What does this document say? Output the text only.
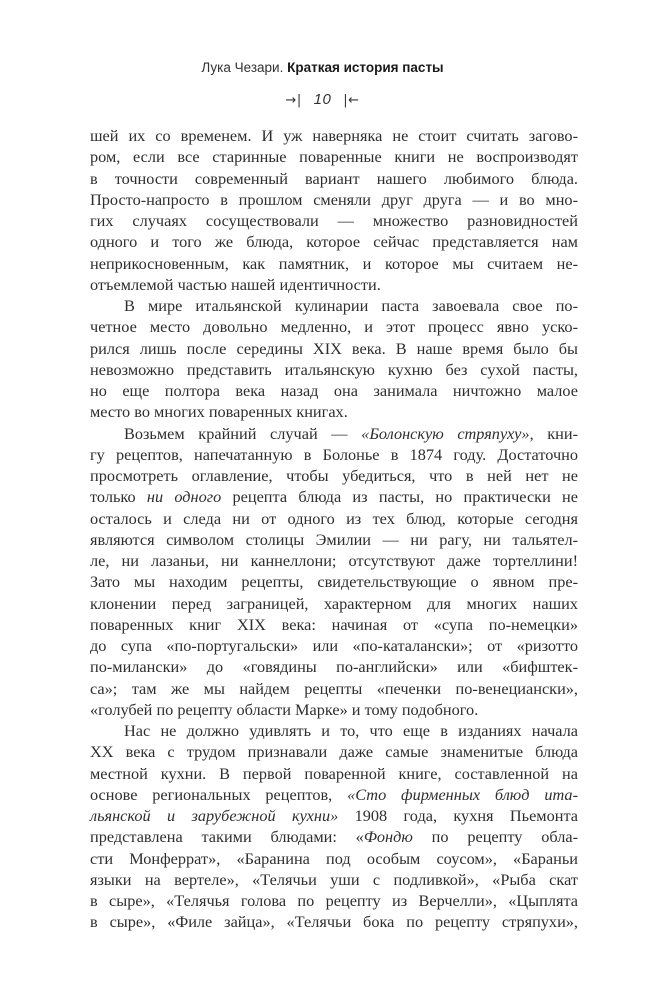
Лука Чезари. Краткая история пасты
→| 10 |←

шей их со временем. И уж наверняка не стоит считать загово-
ром, если все старинные поваренные книги не воспроизводят
в точности современный вариант нашего любимого блюда.
Просто-напросто в прошлом сменяли друг друга — и во мно-
гих случаях сосуществовали — множество разновидностей
одного и того же блюда, которое сейчас представляется нам
неприкосновенным, как памятник, и которое мы считаем не-
отъемлемой частью нашей идентичности.

В мире итальянской кулинарии паста завоевала свое по-
четное место довольно медленно, и этот процесс явно уско-
рился лишь после середины XIX века. В наше время было бы
невозможно представить итальянскую кухню без сухой пасты,
но еще полтора века назад она занимала ничтожно малое
место во многих поваренных книгах.

Возьмем крайний случай — «Болонскую стряпуху», кни-
гу рецептов, напечатанную в Болонье в 1874 году. Достаточно
просмотреть оглавление, чтобы убедиться, что в ней нет не
только ни одного рецепта блюда из пасты, но практически не
осталось и следа ни от одного из тех блюд, которые сегодня
являются символом столицы Эмилии — ни рагу, ни тальятел-
ле, ни лазаньи, ни каннеллони; отсутствуют даже тортеллини!
Зато мы находим рецепты, свидетельствующие о явном пре-
клонении перед заграницей, характерном для многих наших
поваренных книг XIX века: начиная от «супа по-немецки»
до супа «по-португальски» или «по-каталански»; от «ризотто
по-милански» до «говядины по-английски» или «бифштек-
са»; там же мы найдем рецепты «печенки по-венециански»,
«голубей по рецепту области Марке» и тому подобного.

Нас не должно удивлять и то, что еще в изданиях начала
XX века с трудом признавали даже самые знаменитые блюда
местной кухни. В первой поваренной книге, составленной на
основе региональных рецептов, «Сто фирменных блюд ита-
льянской и зарубежной кухни» 1908 года, кухня Пьемонта
представлена такими блюдами: «Фондю по рецепту обла-
сти Монферрат», «Баранина под особым соусом», «Бараньи
языки на вертеле», «Телячьи уши с подливкой», «Рыба скат
в сыре», «Телячья голова по рецепту из Верчелли», «Цыплята
в сыре», «Филе зайца», «Телячьи бока по рецепту стряпухи»,
